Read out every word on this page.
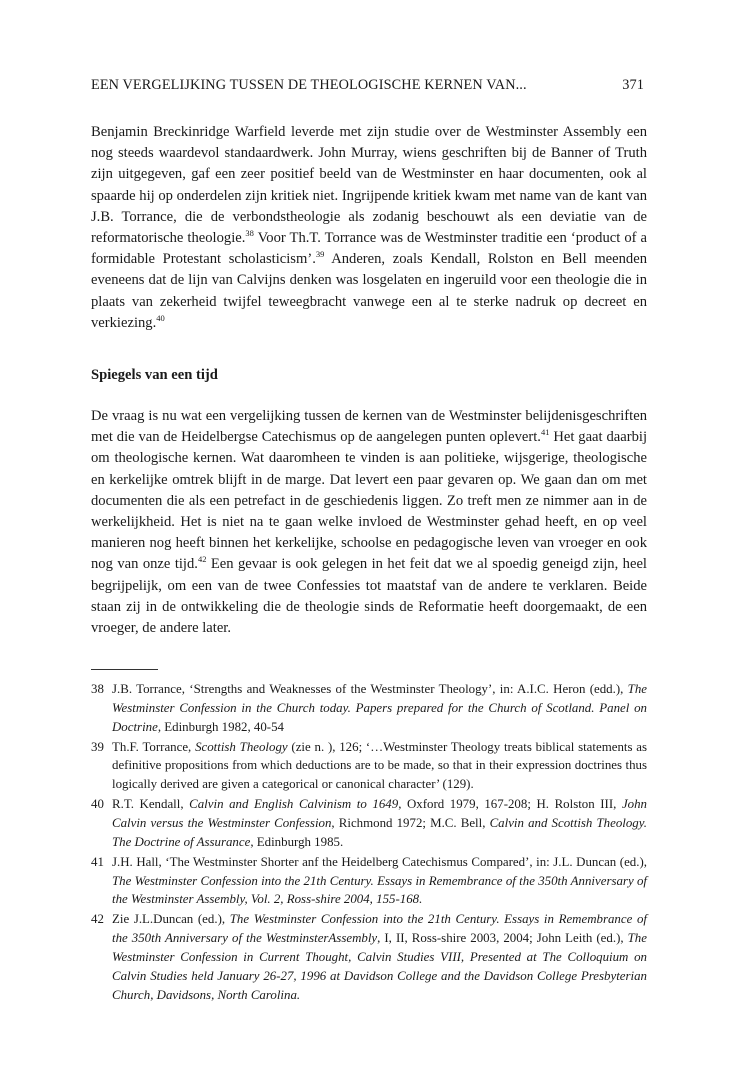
EEN VERGELIJKING TUSSEN DE THEOLOGISCHE KERNEN VAN...	371

Benjamin Breckinridge Warfield leverde met zijn studie over de Westminster Assembly een nog steeds waardevol standaardwerk. John Murray, wiens geschriften bij de Banner of Truth zijn uitgegeven, gaf een zeer positief beeld van de Westminster en haar documenten, ook al spaarde hij op onderdelen zijn kritiek niet. Ingrijpende kritiek kwam met name van de kant van J.B. Torrance, die de verbondstheologie als zodanig beschouwt als een deviatie van de reformatorische theologie.$^{38}$ Voor Th.T. Torrance was de Westminster traditie een ‘product of a formidable Protestant scholasticism’.$^{39}$ Anderen, zoals Kendall, Rolston en Bell meenden eveneens dat de lijn van Calvijns denken was losgelaten en ingeruild voor een theologie die in plaats van zekerheid twijfel teweegbracht vanwege een al te sterke nadruk op decreet en verkiezing.$^{40}$

Spiegels van een tijd

De vraag is nu wat een vergelijking tussen de kernen van de Westminster belijdenisgeschriften met die van de Heidelbergse Catechismus op de aangelegen punten oplevert.$^{41}$ Het gaat daarbij om theologische kernen. Wat daaromheen te vinden is aan politieke, wijsgerige, theologische en kerkelijke omtrek blijft in de marge. Dat levert een paar gevaren op. We gaan dan om met documenten die als een petrefact in de geschiedenis liggen. Zo treft men ze nimmer aan in de werkelijkheid. Het is niet na te gaan welke invloed de Westminster gehad heeft, en op veel manieren nog heeft binnen het kerkelijke, schoolse en pedagogische leven van vroeger en ook nog van onze tijd.$^{42}$ Een gevaar is ook gelegen in het feit dat we al spoedig geneigd zijn, heel begrijpelijk, om een van de twee Confessies tot maatstaf van de andere te verklaren. Beide staan zij in de ontwikkeling die de theologie sinds de Reformatie heeft doorgemaakt, de een vroeger, de andere later.

38 J.B. Torrance, ‘Strengths and Weaknesses of the Westminster Theology’, in: A.I.C. Heron (edd.), The Westminster Confession in the Church today. Papers prepared for the Church of Scotland. Panel on Doctrine, Edinburgh 1982, 40-54
39 Th.F. Torrance, Scottish Theology (zie n. ), 126; ‘…Westminster Theology treats biblical statements as definitive propositions from which deductions are to be made, so that in their expression doctrines thus logically derived are given a categorical or canonical character’ (129).
40 R.T. Kendall, Calvin and English Calvinism to 1649, Oxford 1979, 167-208; H. Rolston III, John Calvin versus the Westminster Confession, Richmond 1972; M.C. Bell, Calvin and Scottish Theology. The Doctrine of Assurance, Edinburgh 1985.
41 J.H. Hall, ‘The Westminster Shorter anf the Heidelberg Catechismus Compared’, in: J.L. Duncan (ed.), The Westminster Confession into the 21th Century. Essays in Remembrance of the 350th Anniversary of the Westminster Assembly, Vol. 2, Ross-shire 2004, 155-168.
42 Zie J.L.Duncan (ed.), The Westminster Confession into the 21th Century. Essays in Remembrance of the 350th Anniversary of the WestminsterAssembly, I, II, Ross-shire 2003, 2004; John Leith (ed.), The Westminster Confession in Current Thought, Calvin Studies VIII, Presented at The Colloquium on Calvin Studies held January 26-27, 1996 at Davidson College and the Davidson College Presbyterian Church, Davidsons, North Carolina.
